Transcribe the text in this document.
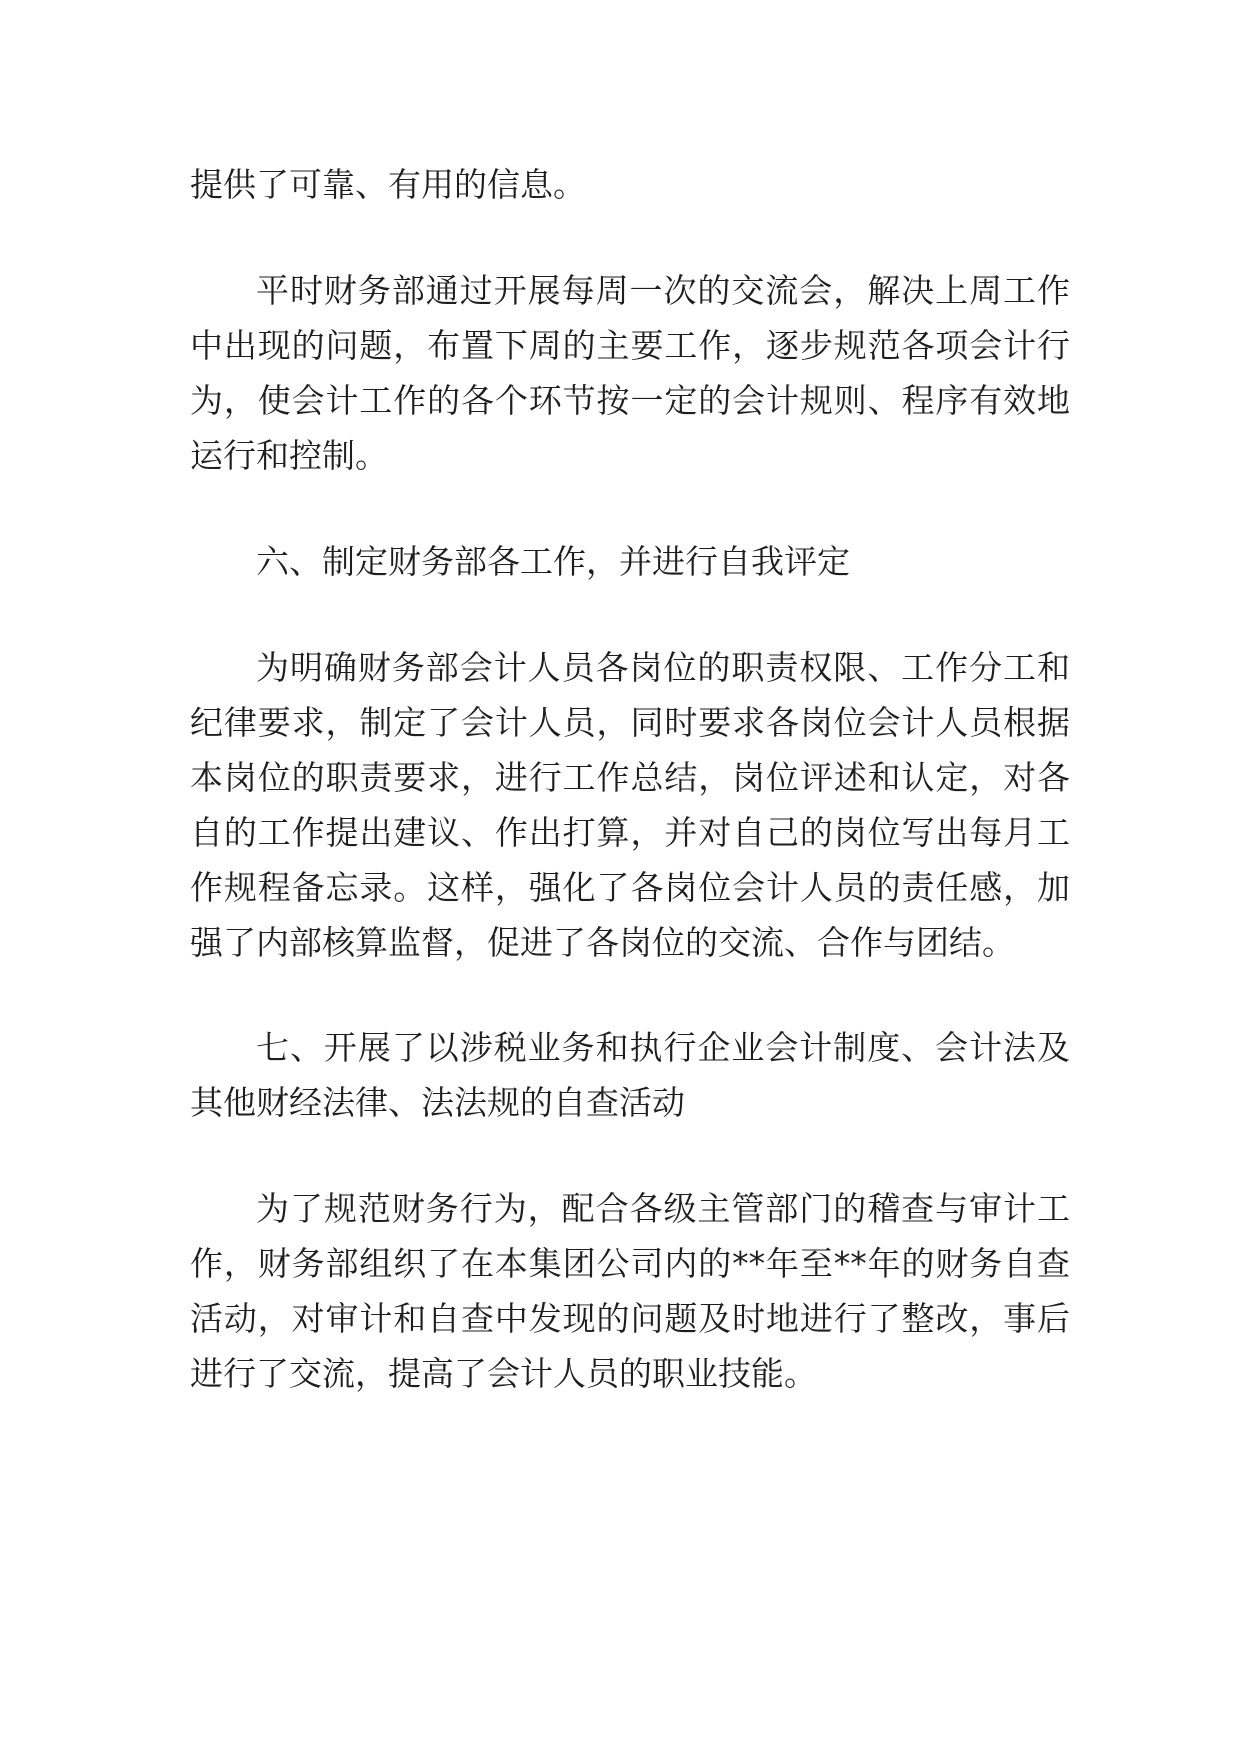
提供了可靠、有用的信息。
平时财务部通过开展每周一次的交流会，解决上周工作
中出现的问题，布置下周的主要工作，逐步规范各项会计行
为，使会计工作的各个环节按一定的会计规则、程序有效地
运行和控制。
六、制定财务部各工作，并进行自我评定
为明确财务部会计人员各岗位的职责权限、工作分工和
纪律要求，制定了会计人员，同时要求各岗位会计人员根据
本岗位的职责要求，进行工作总结，岗位评述和认定，对各
自的工作提出建议、作出打算，并对自己的岗位写出每月工
作规程备忘录。这样，强化了各岗位会计人员的责任感，加
强了内部核算监督，促进了各岗位的交流、合作与团结。
七、开展了以涉税业务和执行企业会计制度、会计法及
其他财经法律、法法规的自查活动
为了规范财务行为，配合各级主管部门的稽查与审计工
作，财务部组织了在本集团公司内的**年至**年的财务自查
活动，对审计和自查中发现的问题及时地进行了整改，事后
进行了交流，提高了会计人员的职业技能。
